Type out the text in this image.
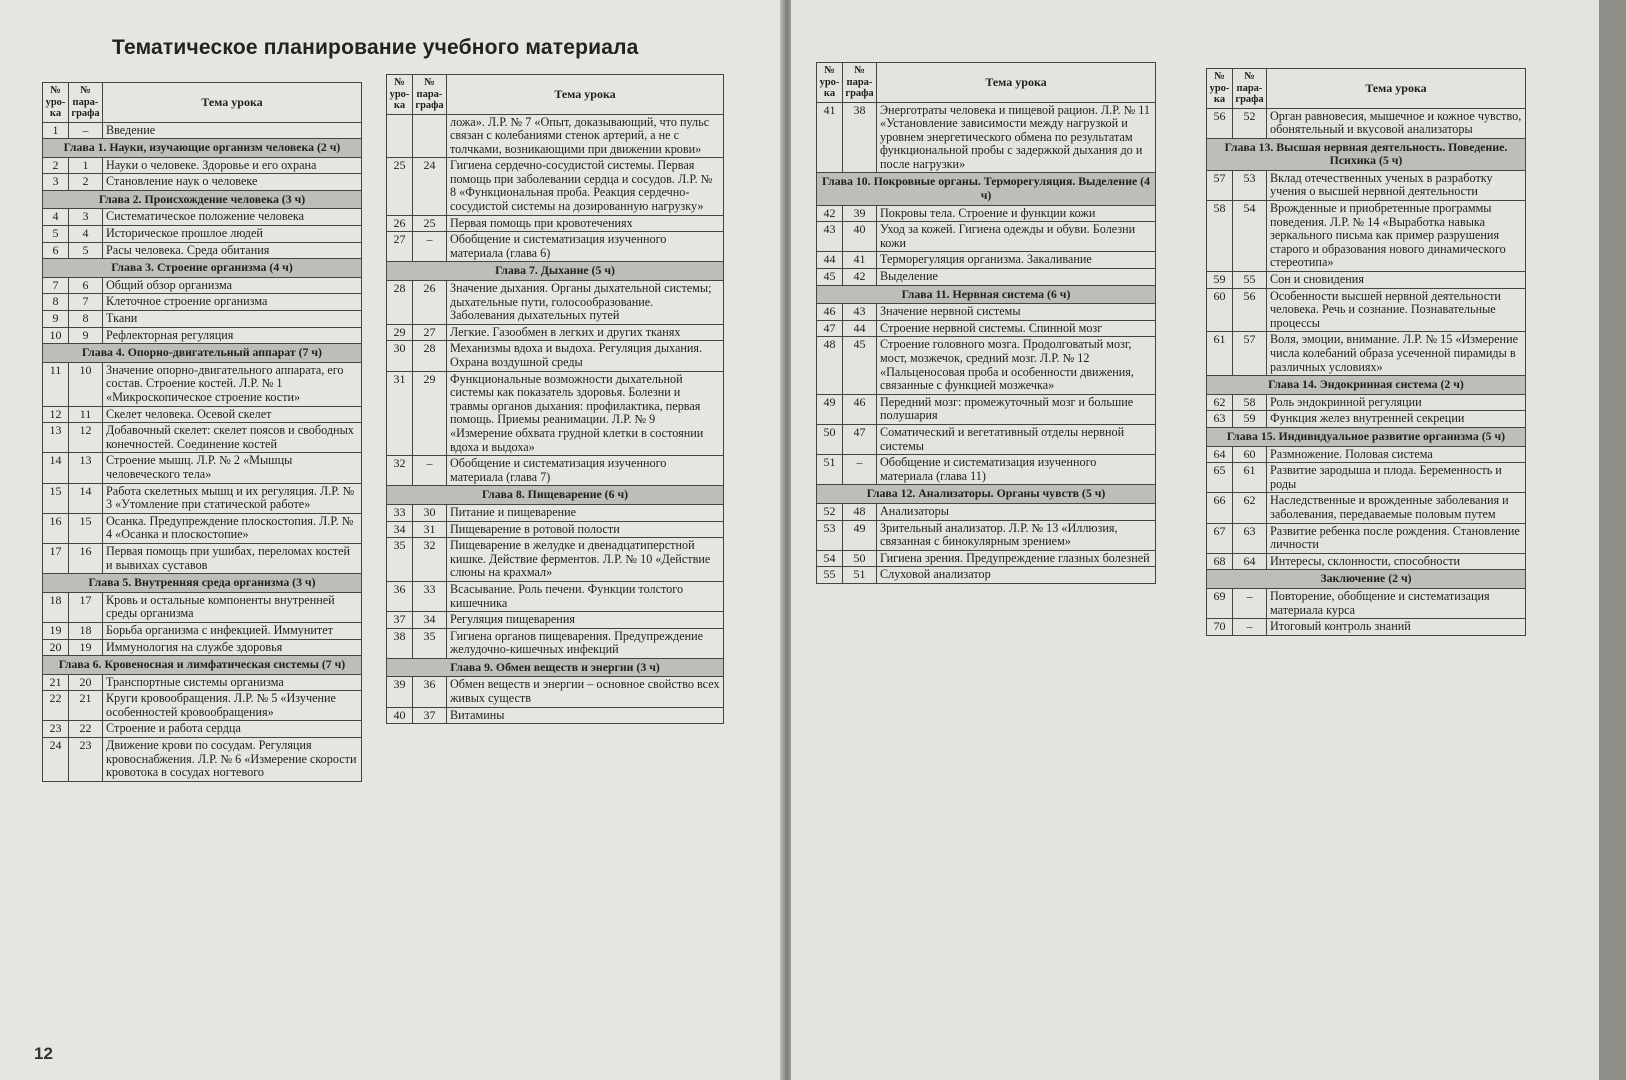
Тематическое планирование учебного материала
№ уро-ка	№ пара-графа	Тема урока
1	–	Введение
Глава 1. Науки, изучающие организм человека (2 ч)		
2	1	Науки о человеке. Здоровье и его охрана
3	2	Становление наук о человеке
Глава 2. Происхождение человека (3 ч)		
4	3	Систематическое положение человека
5	4	Историческое прошлое людей
6	5	Расы человека. Среда обитания
Глава 3. Строение организма (4 ч)		
7	6	Общий обзор организма
8	7	Клеточное строение организма
9	8	Ткани
10	9	Рефлекторная регуляция
Глава 4. Опорно-двигательный аппарат (7 ч)		
11	10	Значение опорно-двигательного аппарата, его состав. Строение костей. Л.Р. № 1 «Микроскопическое строение кости»
12	11	Скелет человека. Осевой скелет
13	12	Добавочный скелет: скелет поясов и свободных конечностей. Соединение костей
14	13	Строение мышц. Л.Р. № 2 «Мышцы человеческого тела»
15	14	Работа скелетных мышц и их регуляция. Л.Р. № 3 «Утомление при статической работе»
16	15	Осанка. Предупреждение плоскостопия. Л.Р. № 4 «Осанка и плоскостопие»
17	16	Первая помощь при ушибах, переломах костей и вывихах суставов
Глава 5. Внутренняя среда организма (3 ч)		
18	17	Кровь и остальные компоненты внутренней среды организма
19	18	Борьба организма с инфекцией. Иммунитет
20	19	Иммунология на службе здоровья
Глава 6. Кровеносная и лимфатическая системы (7 ч)		
21	20	Транспортные системы организма
22	21	Круги кровообращения. Л.Р. № 5 «Изучение особенностей кровообращения»
23	22	Строение и работа сердца
24	23	Движение крови по сосудам. Регуляция кровоснабжения. Л.Р. № 6 «Измерение скорости кровотока в сосудах ногтевого
№ уро-ка	№ пара-графа	Тема урока
		ложа». Л.Р. № 7 «Опыт, доказывающий, что пульс связан с колебаниями стенок артерий, а не с толчками, возникающими при движении крови»
25	24	Гигиена сердечно-сосудистой системы. Первая помощь при заболевании сердца и сосудов. Л.Р. № 8 «Функциональная проба. Реакция сердечно-сосудистой системы на дозированную нагрузку»
26	25	Первая помощь при кровотечениях
27	–	Обобщение и систематизация изученного материала (глава 6)
Глава 7. Дыхание (5 ч)		
28	26	Значение дыхания. Органы дыхательной системы; дыхательные пути, голосообразование. Заболевания дыхательных путей
29	27	Легкие. Газообмен в легких и других тканях
30	28	Механизмы вдоха и выдоха. Регуляция дыхания. Охрана воздушной среды
31	29	Функциональные возможности дыхательной системы как показатель здоровья. Болезни и травмы органов дыхания: профилактика, первая помощь. Приемы реанимации. Л.Р. № 9 «Измерение обхвата грудной клетки в состоянии вдоха и выдоха»
32	–	Обобщение и систематизация изученного материала (глава 7)
Глава 8. Пищеварение (6 ч)		
33	30	Питание и пищеварение
34	31	Пищеварение в ротовой полости
35	32	Пищеварение в желудке и двенадцатиперстной кишке. Действие ферментов. Л.Р. № 10 «Действие слюны на крахмал»
36	33	Всасывание. Роль печени. Функции толстого кишечника
37	34	Регуляция пищеварения
38	35	Гигиена органов пищеварения. Предупреждение желудочно-кишечных инфекций
Глава 9. Обмен веществ и энергии (3 ч)		
39	36	Обмен веществ и энергии – основное свойство всех живых существ
40	37	Витамины
12
№ уро-ка	№ пара-графа	Тема урока
41	38	Энерготраты человека и пищевой рацион. Л.Р. № 11 «Установление зависимости между нагрузкой и уровнем энергетического обмена по результатам функциональной пробы с задержкой дыхания до и после нагрузки»
Глава 10. Покровные органы. Терморегуляция. Выделение (4 ч)		
42	39	Покровы тела. Строение и функции кожи
43	40	Уход за кожей. Гигиена одежды и обуви. Болезни кожи
44	41	Терморегуляция организма. Закаливание
45	42	Выделение
Глава 11. Нервная система (6 ч)		
46	43	Значение нервной системы
47	44	Строение нервной системы. Спинной мозг
48	45	Строение головного мозга. Продолговатый мозг, мост, мозжечок, средний мозг. Л.Р. № 12 «Пальценосовая проба и особенности движения, связанные с функцией мозжечка»
49	46	Передний мозг: промежуточный мозг и большие полушария
50	47	Соматический и вегетативный отделы нервной системы
51	–	Обобщение и систематизация изученного материала (глава 11)
Глава 12. Анализаторы. Органы чувств (5 ч)		
52	48	Анализаторы
53	49	Зрительный анализатор. Л.Р. № 13 «Иллюзия, связанная с бинокулярным зрением»
54	50	Гигиена зрения. Предупреждение глазных болезней
55	51	Слуховой анализатор
№ уро-ка	№ пара-графа	Тема урока
56	52	Орган равновесия, мышечное и кожное чувство, обонятельный и вкусовой анализаторы
Глава 13. Высшая нервная деятельность. Поведение. Психика (5 ч)		
57	53	Вклад отечественных ученых в разработку учения о высшей нервной деятельности
58	54	Врожденные и приобретенные программы поведения. Л.Р. № 14 «Выработка навыка зеркального письма как пример разрушения старого и образования нового динамического стереотипа»
59	55	Сон и сновидения
60	56	Особенности высшей нервной деятельности человека. Речь и сознание. Познавательные процессы
61	57	Воля, эмоции, внимание. Л.Р. № 15 «Измерение числа колебаний образа усеченной пирамиды в различных условиях»
Глава 14. Эндокринная система (2 ч)		
62	58	Роль эндокринной регуляции
63	59	Функция желез внутренней секреции
Глава 15. Индивидуальное развитие организма (5 ч)		
64	60	Размножение. Половая система
65	61	Развитие зародыша и плода. Беременность и роды
66	62	Наследственные и врожденные заболевания и заболевания, передаваемые половым путем
67	63	Развитие ребенка после рождения. Становление личности
68	64	Интересы, склонности, способности
Заключение (2 ч)		
69	–	Повторение, обобщение и систематизация материала курса
70	–	Итоговый контроль знаний
